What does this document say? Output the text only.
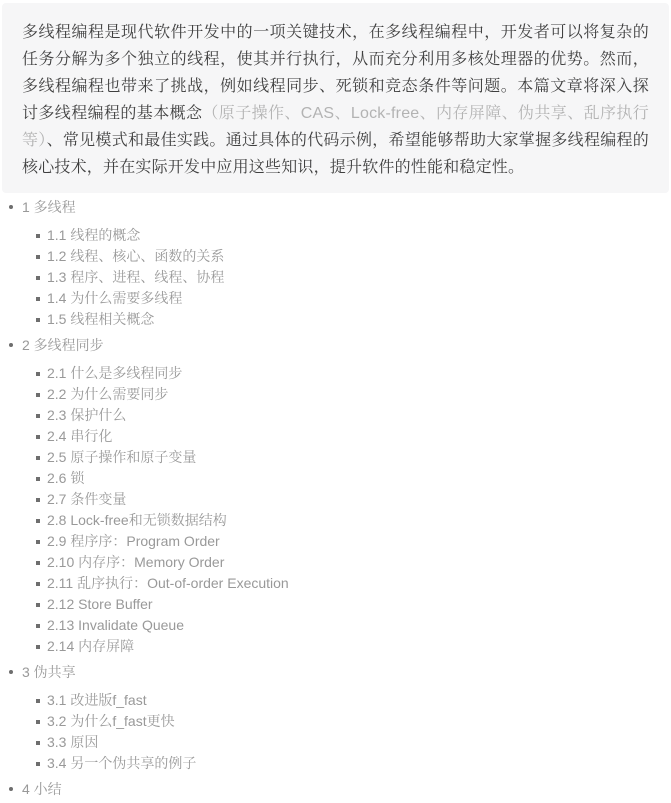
多线程编程是现代软件开发中的一项关键技术，在多线程编程中，开发者可以将复杂的任务分解为多个独立的线程，使其并行执行，从而充分利用多核处理器的优势。然而，多线程编程也带来了挑战，例如线程同步、死锁和竞态条件等问题。本篇文章将深入探讨多线程编程的基本概念（原子操作、CAS、Lock-free、内存屏障、伪共享、乱序执行等）、常见模式和最佳实践。通过具体的代码示例，希望能够帮助大家掌握多线程编程的核心技术，并在实际开发中应用这些知识，提升软件的性能和稳定性。

1 多线程
1.1 线程的概念
1.2 线程、核心、函数的关系
1.3 程序、进程、线程、协程
1.4 为什么需要多线程
1.5 线程相关概念
2 多线程同步
2.1 什么是多线程同步
2.2 为什么需要同步
2.3 保护什么
2.4 串行化
2.5 原子操作和原子变量
2.6 锁
2.7 条件变量
2.8 Lock-free和无锁数据结构
2.9 程序序：Program Order
2.10 内存序：Memory Order
2.11 乱序执行：Out-of-order Execution
2.12 Store Buffer
2.13 Invalidate Queue
2.14 内存屏障
3 伪共享
3.1 改进版f_fast
3.2 为什么f_fast更快
3.3 原因
3.4 另一个伪共享的例子
4 小结
